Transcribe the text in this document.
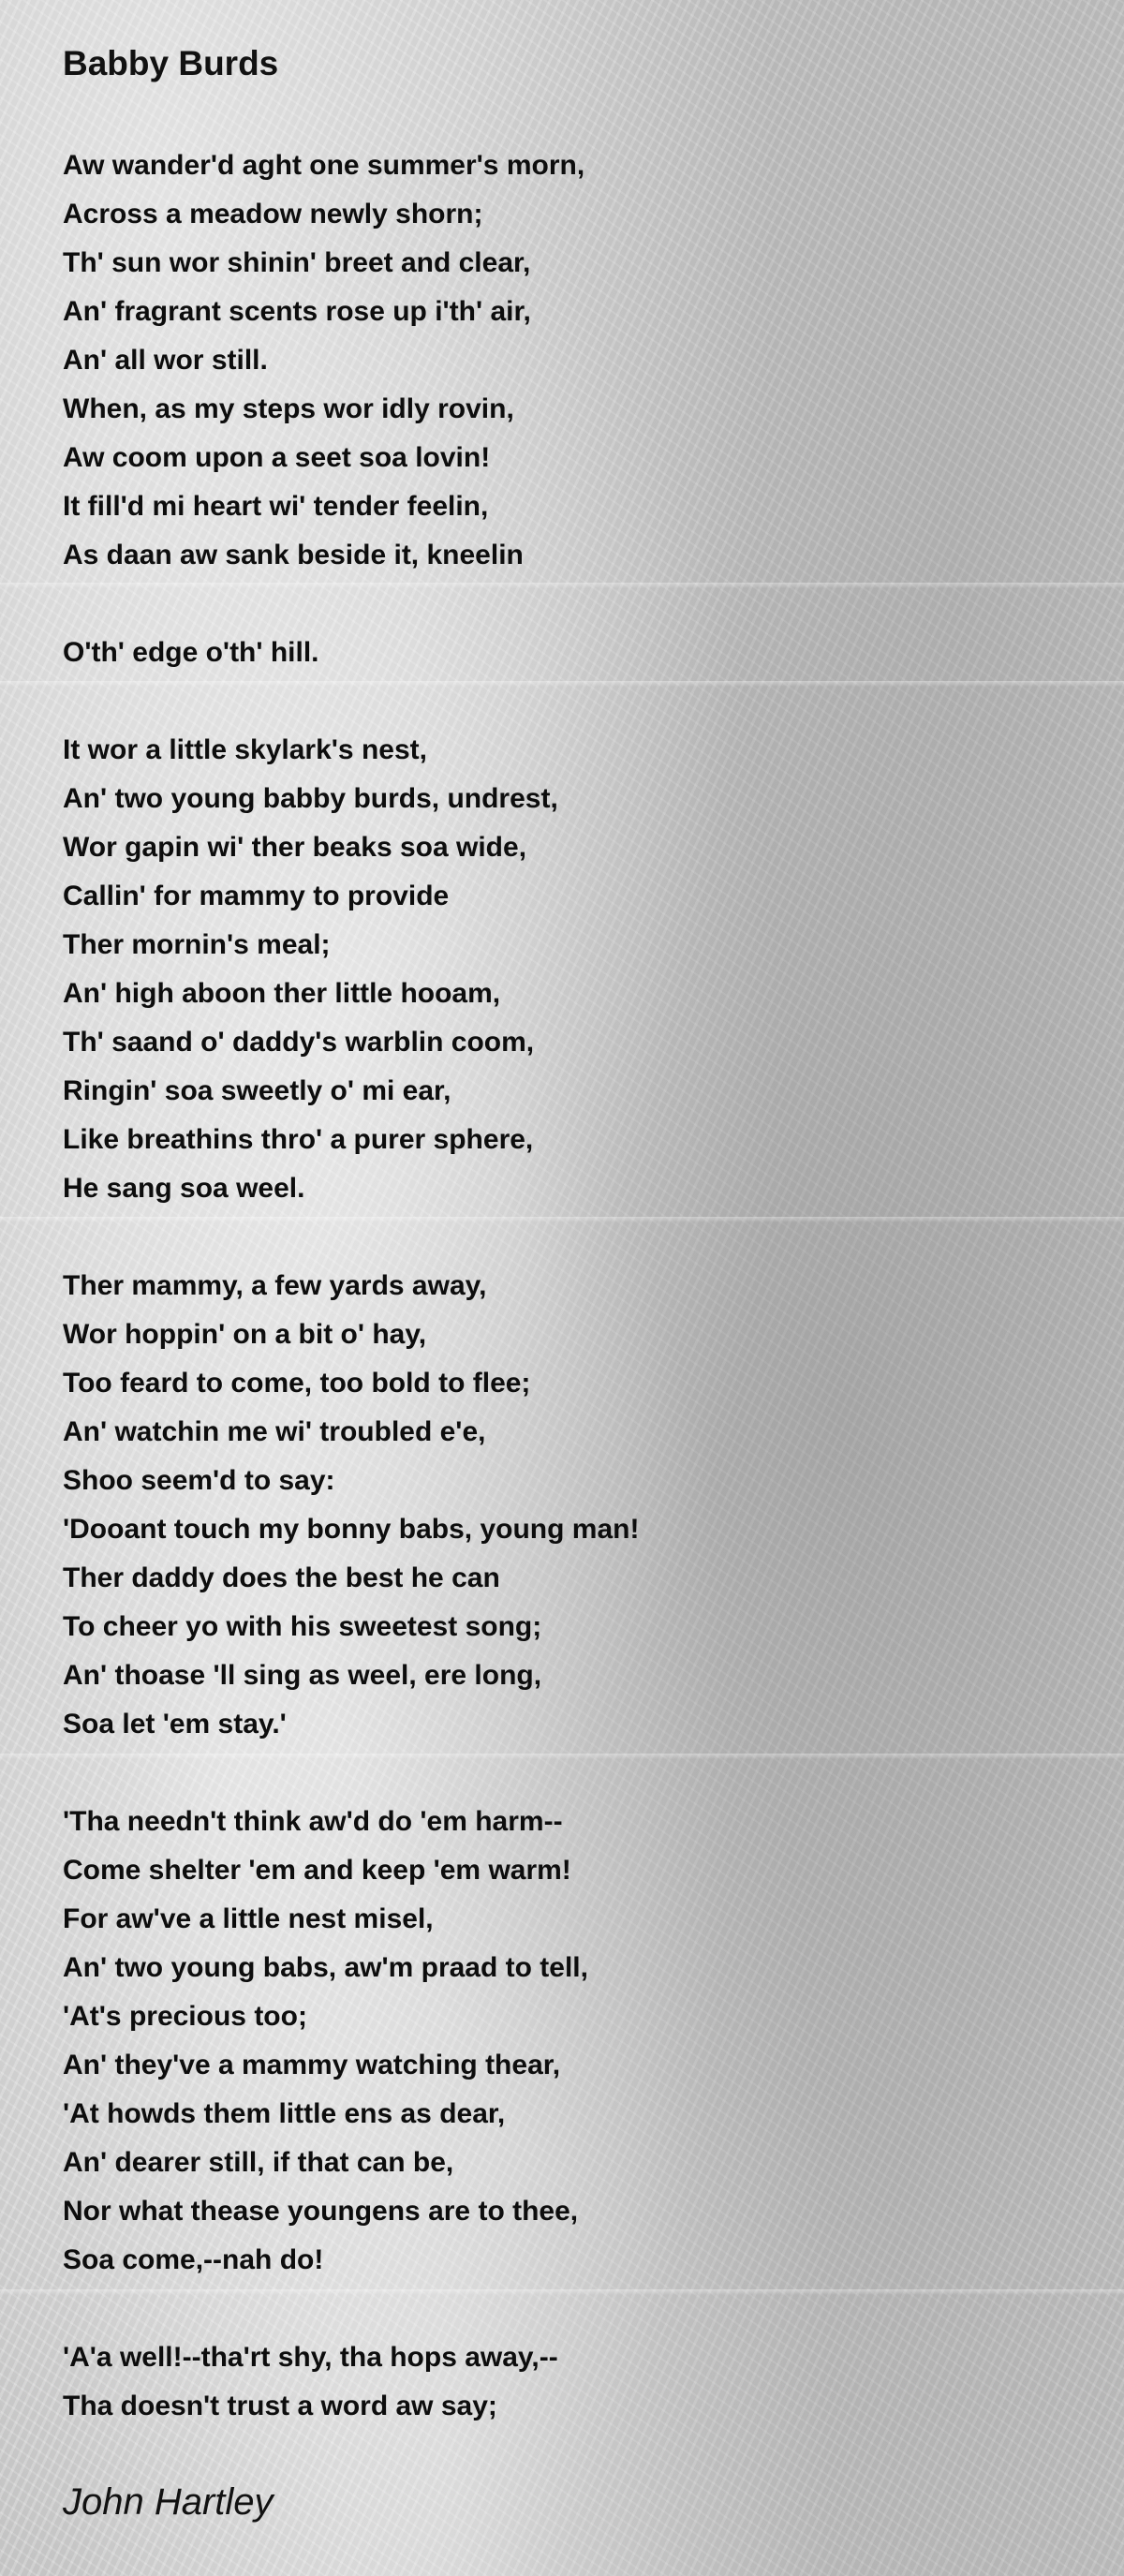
Babby Burds
Aw wander'd aght one summer's morn,
Across a meadow newly shorn;
Th' sun wor shinin' breet and clear,
An' fragrant scents rose up i'th' air,
An' all wor still.
When, as my steps wor idly rovin,
Aw coom upon a seet soa lovin!
It fill'd mi heart wi' tender feelin,
As daan aw sank beside it, kneelin
O'th' edge o'th' hill.
It wor a little skylark's nest,
An' two young babby burds, undrest,
Wor gapin wi' ther beaks soa wide,
Callin' for mammy to provide
Ther mornin's meal;
An' high aboon ther little hooam,
Th' saand o' daddy's warblin coom,
Ringin' soa sweetly o' mi ear,
Like breathins thro' a purer sphere,
He sang soa weel.
Ther mammy, a few yards away,
Wor hoppin' on a bit o' hay,
Too feard to come, too bold to flee;
An' watchin me wi' troubled e'e,
Shoo seem'd to say:
'Dooant touch my bonny babs, young man!
Ther daddy does the best he can
To cheer yo with his sweetest song;
An' thoase 'll sing as weel, ere long,
Soa let 'em stay.'
'Tha needn't think aw'd do 'em harm--
Come shelter 'em and keep 'em warm!
For aw've a little nest misel,
An' two young babs, aw'm praad to tell,
'At's precious too;
An' they've a mammy watching thear,
'At howds them little ens as dear,
An' dearer still, if that can be,
Nor what thease youngens are to thee,
Soa come,--nah do!
'A'a well!--tha'rt shy, tha hops away,--
Tha doesn't trust a word aw say;
John Hartley
